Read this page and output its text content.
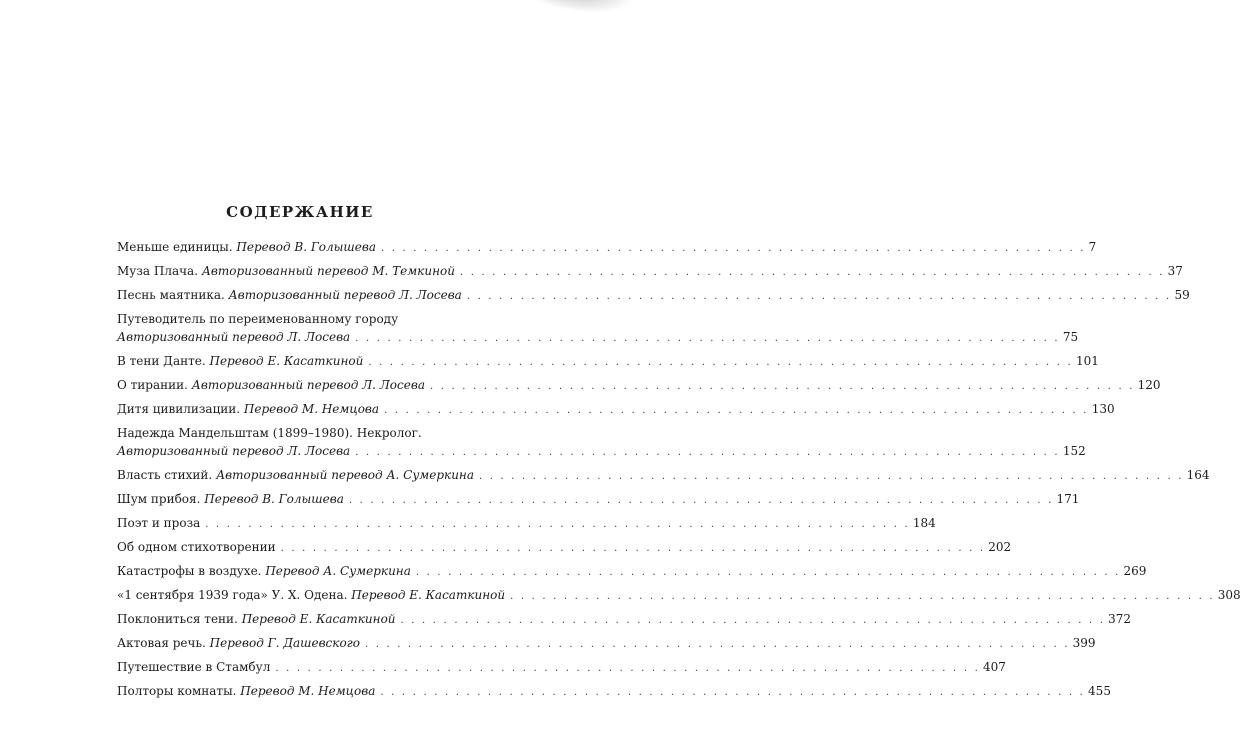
СОДЕРЖАНИЕ
Меньше единицы. Перевод В. Голышева . . .	7
Муза Плача. Авторизованный перевод М. Темкиной . . .	37
Песнь маятника. Авторизованный перевод Л. Лосева . . .	59
Путеводитель по переименованному городу
Авторизованный перевод Л. Лосева . . .	75
В тени Данте. Перевод Е. Касаткиной . . .	101
О тирании. Авторизованный перевод Л. Лосева . . .	120
Дитя цивилизации. Перевод М. Немцова . . .	130
Надежда Мандельштам (1899–1980). Некролог.
Авторизованный перевод Л. Лосева . . .	152
Власть стихий. Авторизованный перевод А. Сумеркина . . .	164
Шум прибоя. Перевод В. Голышева . . .	171
Поэт и проза . . .	184
Об одном стихотворении . . .	202
Катастрофы в воздухе. Перевод А. Сумеркина . . .	269
«1 сентября 1939 года» У. Х. Одена. Перевод Е. Касаткиной . . .	308
Поклониться тени. Перевод Е. Касаткиной . . .	372
Актовая речь. Перевод Г. Дашевского . . .	399
Путешествие в Стамбул . . .	407
Полторы комнаты. Перевод М. Немцова . . .	455
